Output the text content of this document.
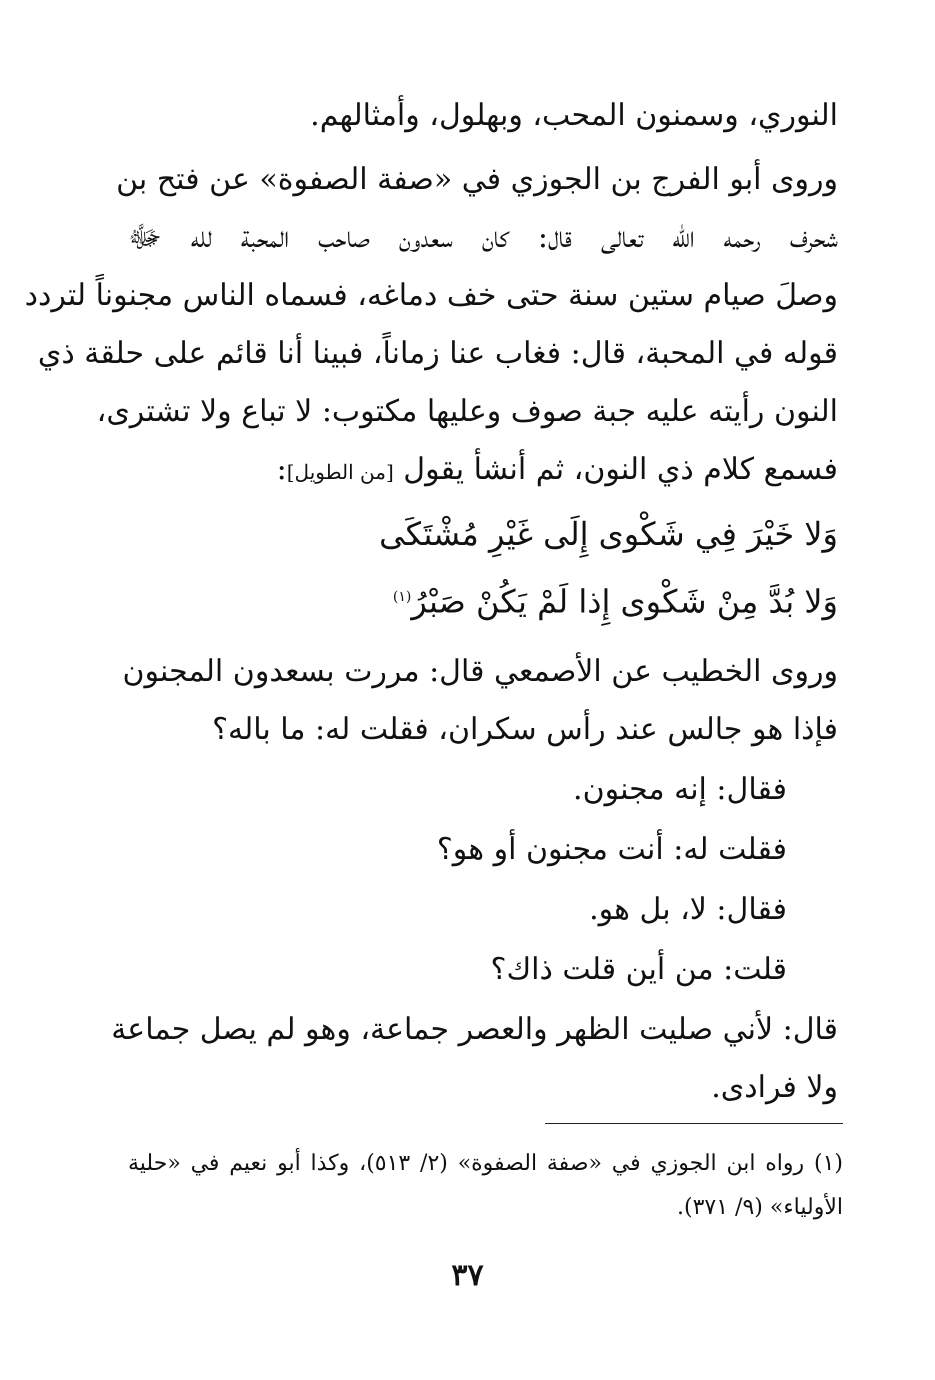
النوري، وسمنون المحب، وبهلول، وأمثالهم.
وروى أبو الفرج بن الجوزي في «صفة الصفوة» عن فتح بن
شحرف رحمه الله تعالى قال: كان سعدون صاحب المحبة لله ﷻ
وصلَ صيام ستين سنة حتى خف دماغه، فسماه الناس مجنوناً لتردد
قوله في المحبة، قال: فغاب عنا زماناً، فبينا أنا قائم على حلقة ذي
النون رأيته عليه جبة صوف وعليها مكتوب: لا تباع ولا تشترى،
فسمع كلام ذي النون، ثم أنشأ يقول [من الطويل]:
وَلا خَيْرَ فِي شَكْوى إِلَى غَيْرِ مُشْتَكَى
وَلا بُدَّ مِنْ شَكْوى إِذا لَمْ يَكُنْ صَبْرُ$^{(١)}$
وروى الخطيب عن الأصمعي قال: مررت بسعدون المجنون
فإذا هو جالس عند رأس سكران، فقلت له: ما باله؟
فقال: إنه مجنون.
فقلت له: أنت مجنون أو هو؟
فقال: لا، بل هو.
قلت: من أين قلت ذاك؟
قال: لأني صليت الظهر والعصر جماعة، وهو لم يصل جماعة
ولا فرادى.
(١) رواه ابن الجوزي في «صفة الصفوة» (٢/ ٥١٣)، وكذا أبو نعيم في «حلية
الأولياء» (٩/ ٣٧١).
٣٧
